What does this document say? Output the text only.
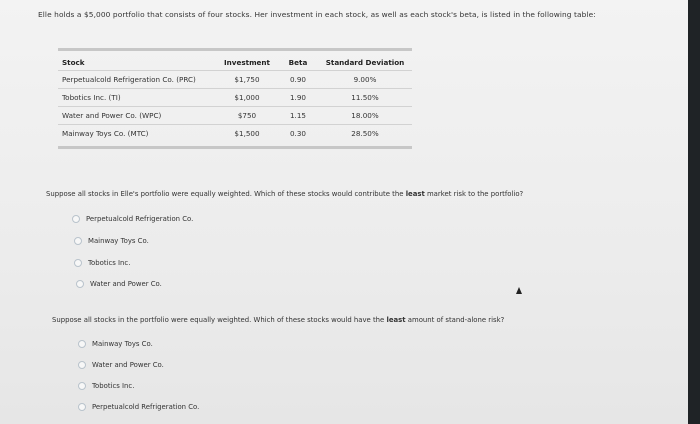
Elle holds a $5,000 portfolio that consists of four stocks. Her investment in each stock, as well as each stock's beta, is listed in the following table:
Stock	Investment	Beta	Standard Deviation
Perpetualcold Refrigeration Co. (PRC)	$1,750	0.90	9.00%
Tobotics Inc. (TI)	$1,000	1.90	11.50%
Water and Power Co. (WPC)	$750	1.15	18.00%
Mainway Toys Co. (MTC)	$1,500	0.30	28.50%
Suppose all stocks in Elle's portfolio were equally weighted. Which of these stocks would contribute the least market risk to the portfolio?
Perpetualcold Refrigeration Co.
Mainway Toys Co.
Tobotics Inc.
Water and Power Co.
Suppose all stocks in the portfolio were equally weighted. Which of these stocks would have the least amount of stand-alone risk?
Mainway Toys Co.
Water and Power Co.
Tobotics Inc.
Perpetualcold Refrigeration Co.
